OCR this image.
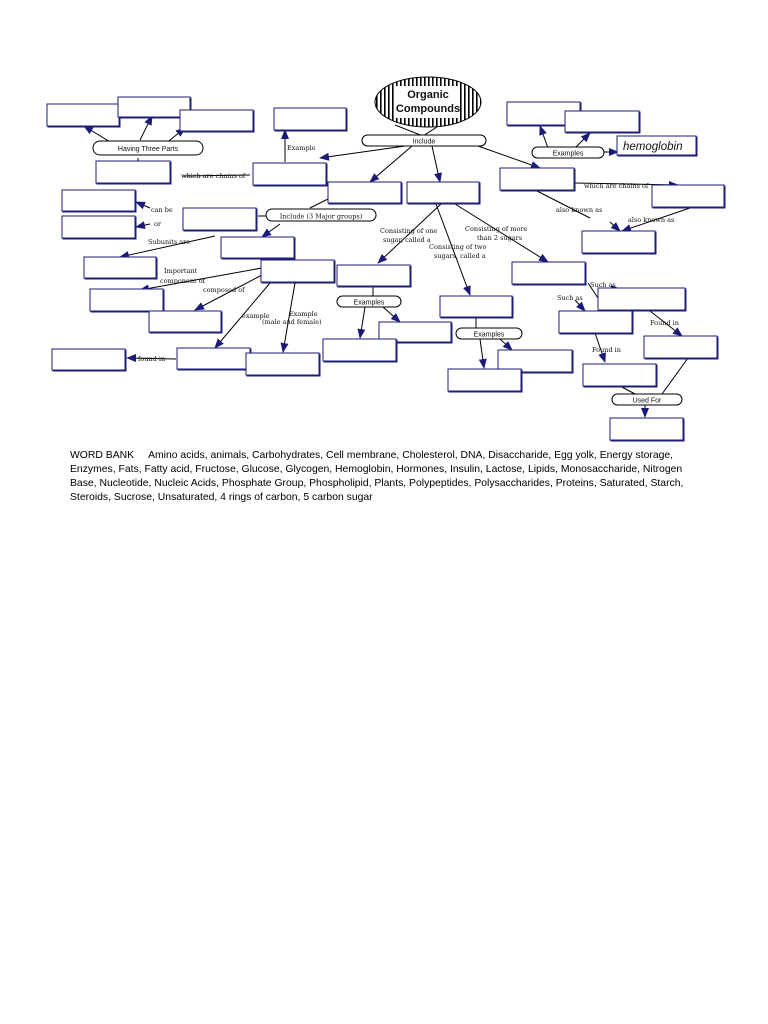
Organic
Compounds
hemoglobin
Include
Having Three Parts
Examples
Examples
Examples
Used For
Include (3 Major groups)
Example
which are chains of
which are chains of
can be
or
Subunits are
Important
component of
composed of
example	Example
(male and female)
found in
Consisting of one
sugar, called a
Consisting of two
sugars, called a
Consisting of more
than 2 sugars
also known as
also known as
Such as
Such as
Found in
Found in
WORD BANK Amino acids, animals, Carbohydrates, Cell membrane, Cholesterol, DNA, Disaccharide, Egg yolk, Energy storage, Enzymes, Fats, Fatty acid, Fructose, Glucose, Glycogen, Hemoglobin, Hormones, Insulin, Lactose, Lipids, Monosaccharide, Nitrogen Base, Nucleotide, Nucleic Acids, Phosphate Group, Phospholipid, Plants, Polypeptides, Polysaccharides, Proteins, Saturated, Starch, Steroids, Sucrose, Unsaturated, 4 rings of carbon, 5 carbon sugar
